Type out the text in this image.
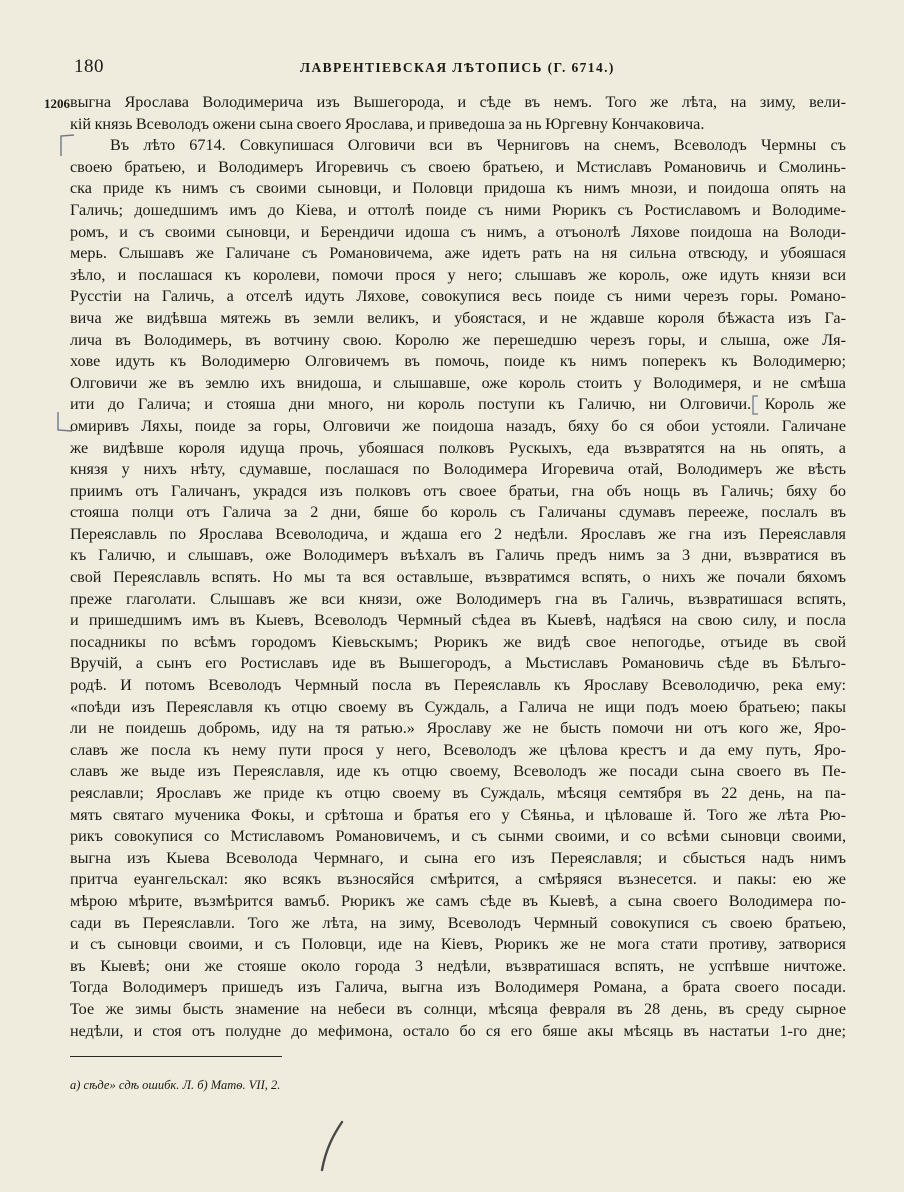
180	ЛАВРЕНТІЕВСКАЯ ЛѢТОПИСЬ (Г. 6714.)
1206 выгна Ярослава Володимерича изъ Вышегорода, и сѣде въ немъ. Того же лѣта, на зиму, вели-
кій князь Всеволодъ ожени сына своего Ярослава, и приведоша за нь Юргевну Кончаковича.
Въ лѣто 6714. Совкупишася Олговичи вси въ Черниговъ на снемъ, Всеволодъ Чермны съ
своею братьею, и Володимеръ Игоревичь съ своею братьею, и Мстиславъ Романовичь и Смолинь-
ска приде къ нимъ съ своими сыновци, и Половци придоша къ нимъ мнози, и поидоша опять на
Галичь; дошедшимъ имъ до Кіева, и оттолѣ поиде съ ними Рюрикъ съ Ростиславомъ и Володиме-
ромъ, и съ своими сыновци, и Берендичи идоша съ нимъ, а отъонолѣ Ляхове поидоша на Володи-
мерь. Слышавъ же Галичане съ Романовичема, аже идеть рать на ня сильна отвсюду, и убояшася
зѣло, и послашася къ королеви, помочи прося у него; слышавъ же король, оже идуть князи вси
Русстіи на Галичь, а отселѣ идуть Ляхове, совокупися весь поиде съ ними черезъ горы. Романо-
вича же видѣвша мятежь въ земли великъ, и убоястася, и не ждавше короля бѣжаста изъ Га-
лича въ Володимерь, въ вотчину свою. Королю же перешедшю черезъ горы, и слыша, оже Ля-
хове идуть къ Володимерю Олговичемъ въ помочь, поиде къ нимъ поперекъ къ Володимерю;
Олговичи же въ землю ихъ внидоша, и слышавше, оже король стоить у Володимеря, и не смѣша
ити до Галича; и стояша дни много, ни король поступи къ Галичю, ни Олговичи. Король же
омиривъ Ляхы, поиде за горы, Олговичи же поидоша назадъ, бяху бо ся обои устояли. Галичане
же видѣвше короля идуща прочь, убояшася полковъ Рускыхъ, еда възвратятся на нь опять, а
князя у нихъ нѣту, сдумавше, послашася по Володимера Игоревича отай, Володимеръ же вѣсть
приимъ отъ Галичанъ, украдся изъ полковъ отъ своее братьи, гна объ нощь въ Галичь; бяху бо
стояша полци отъ Галича за 2 дни, бяше бо король съ Галичаны сдумавъ перееже, послалъ въ
Переяславль по Ярослава Всеволодича, и ждаша его 2 недѣли. Ярославъ же гна изъ Переяславля
къ Галичю, и слышавъ, оже Володимеръ въѣхалъ въ Галичь предъ нимъ за 3 дни, възвратися въ
свой Переяславль вспять. Но мы та вся оставльше, възвратимся вспять, о нихъ же почали бяхомъ
преже глаголати. Слышавъ же вси князи, оже Володимеръ гна въ Галичь, възвратишася вспять,
и пришедшимъ имъ въ Кыевъ, Всеволодъ Чермный сѣдеа въ Кыевѣ, надѣяся на свою силу, и посла
посадникы по всѣмъ городомъ Кіевьскымъ; Рюрикъ же видѣ свое непогодье, отъиде въ свой
Вручій, а сынъ его Ростиславъ иде въ Вышегородъ, а Мьстиславъ Романовичь сѣде въ Бѣлъго-
родѣ. И потомъ Всеволодъ Чермный посла въ Переяславль къ Ярославу Всеволодичю, река ему:
«поѣди изъ Переяславля къ отцю своему въ Суждаль, а Галича не ищи подъ моею братьею; пакы
ли не поидешь добромь, иду на тя ратью.» Ярославу же не бысть помочи ни отъ кого же, Яро-
славъ же посла къ нему пути прося у него, Всеволодъ же цѣлова крестъ и да ему путь, Яро-
славъ же выде изъ Переяславля, иде къ отцю своему, Всеволодъ же посади сына своего въ Пе-
реяславли; Ярославъ же приде къ отцю своему въ Суждаль, мѣсяця семтября въ 22 день, на па-
мять святаго мученика Фокы, и срѣтоша и братья его у Сѣяньа, и цѣловаше й. Того же лѣта Рю-
рикъ совокупися со Мстиславомъ Романовичемъ, и съ сынми своими, и со всѣми сыновци своими,
выгна изъ Кыева Всеволода Чермнаго, и сына его изъ Переяславля; и сбысться надъ нимъ
притча еуангельскал: яко всякъ възносяйся смѣрится, а смѣряяся възнесется. и пакы: ею же
мѣрою мѣрите, възмѣрится вамъб. Рюрикъ же самъ сѣде въ Кыевѣ, а сына своего Володимера по-
сади въ Переяславли. Того же лѣта, на зиму, Всеволодъ Чермный совокупися съ своею братьею,
и съ сыновци своими, и съ Половци, иде на Кіевъ, Рюрикъ же не мога стати противу, затворися
въ Кыевѣ; они же стояше около города 3 недѣли, възвратишася вспять, не успѣвше ничтоже.
Тогда Володимеръ пришедъ изъ Галича, выгна изъ Володимеря Романа, а брата своего посади.
Тое же зимы бысть знамение на небеси въ солнци, мѣсяца февраля въ 28 день, въ среду сырное
недѣли, и стоя отъ полудне до мефимона, остало бо ся его бяше акы мѣсяць въ настатьи 1-го дне;
а) сѣде» сдѣ ошибк. Л. б) Матѳ. VII, 2.
